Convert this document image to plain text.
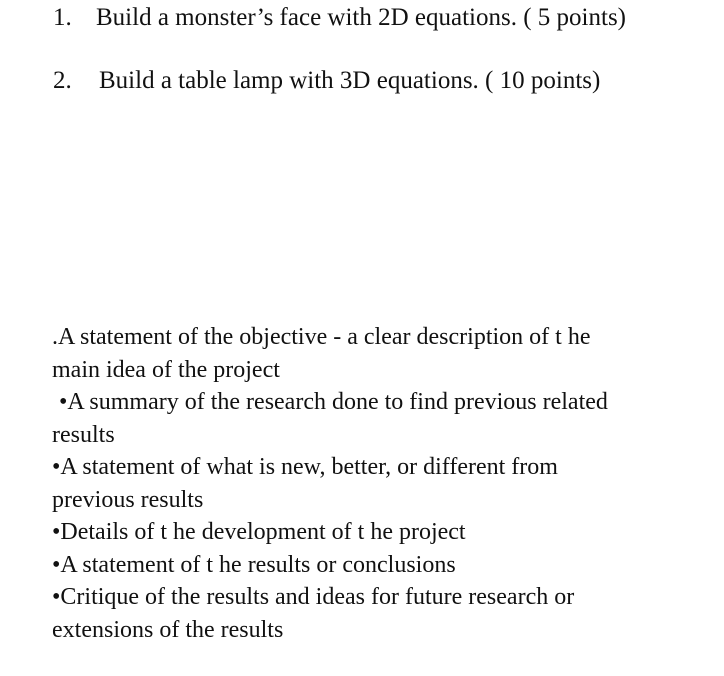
1. Build a monster’s face with 2D equations. ( 5 points)
2. Build a table lamp with 3D equations. ( 10 points)
.A statement of the objective - a clear description of t he
main idea of the project
•A summary of the research done to find previous related
results
•A statement of what is new, better, or different from
previous results
•Details of t he development of t he project
•A statement of t he results or conclusions
•Critique of the results and ideas for future research or
extensions of the results
